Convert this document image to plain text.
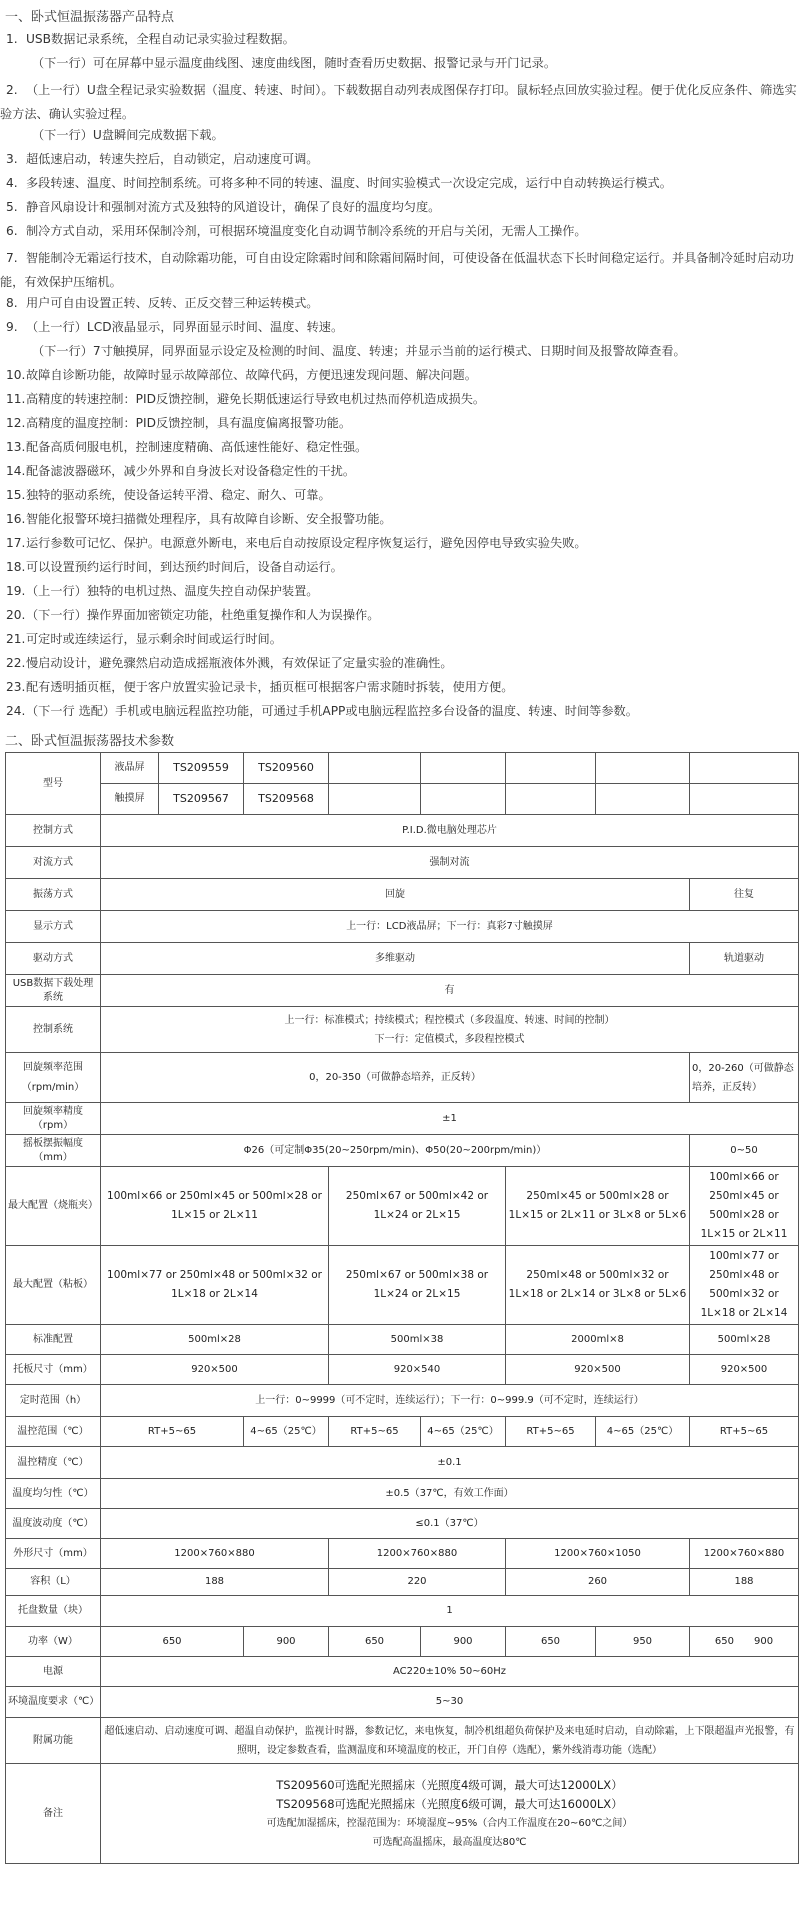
一、卧式恒温振荡器产品特点
1. USB数据记录系统，全程自动记录实验过程数据。
（下一行）可在屏幕中显示温度曲线图、速度曲线图，随时查看历史数据、报警记录与开门记录。
2. （上一行）U盘全程记录实验数据（温度、转速、时间）。下载数据自动列表成图保存打印。鼠标轻点回放实验过程。便于优化反应条件、筛选实验方法、确认实验过程。
（下一行）U盘瞬间完成数据下载。
3. 超低速启动，转速失控后，自动锁定，启动速度可调。
4. 多段转速、温度、时间控制系统。可将多种不同的转速、温度、时间实验模式一次设定完成，运行中自动转换运行模式。
5. 静音风扇设计和强制对流方式及独特的风道设计，确保了良好的温度均匀度。
6. 制冷方式自动，采用环保制冷剂，可根据环境温度变化自动调节制冷系统的开启与关闭，无需人工操作。
7. 智能制冷无霜运行技术，自动除霜功能，可自由设定除霜时间和除霜间隔时间，可使设备在低温状态下长时间稳定运行。并具备制冷延时启动功能，有效保护压缩机。
8. 用户可自由设置正转、反转、正反交替三种运转模式。
9. （上一行）LCD液晶显示，同界面显示时间、温度、转速。
（下一行）7寸触摸屏，同界面显示设定及检测的时间、温度、转速；并显示当前的运行模式、日期时间及报警故障查看。
10.故障自诊断功能，故障时显示故障部位、故障代码，方便迅速发现问题、解决问题。
11.高精度的转速控制：PID反馈控制，避免长期低速运行导致电机过热而停机造成损失。
12.高精度的温度控制：PID反馈控制，具有温度偏离报警功能。
13.配备高质伺服电机，控制速度精确、高低速性能好、稳定性强。
14.配备滤波器磁环，减少外界和自身波长对设备稳定性的干扰。
15.独特的驱动系统，使设备运转平滑、稳定、耐久、可靠。
16.智能化报警环境扫描微处理程序，具有故障自诊断、安全报警功能。
17.运行参数可记忆、保护。电源意外断电，来电后自动按原设定程序恢复运行，避免因停电导致实验失败。
18.可以设置预约运行时间，到达预约时间后，设备自动运行。
19.（上一行）独特的电机过热、温度失控自动保护装置。
20.（下一行）操作界面加密锁定功能，杜绝重复操作和人为误操作。
21.可定时或连续运行，显示剩余时间或运行时间。
22.慢启动设计，避免骤然启动造成摇瓶液体外溅，有效保证了定量实验的准确性。
23.配有透明插页框，便于客户放置实验记录卡，插页框可根据客户需求随时拆装，使用方便。
24.（下一行 选配）手机或电脑远程监控功能，可通过手机APP或电脑远程监控多台设备的温度、转速、时间等参数。
二、卧式恒温振荡器技术参数
型号	液晶屏	TS209559	TS209560					
	触摸屏	TS209567	TS209568					
控制方式	P.I.D.微电脑处理芯片							
对流方式	强制对流							
振荡方式	回旋							往复
显示方式	上一行：LCD液晶屏；下一行：真彩7寸触摸屏							
驱动方式	多维驱动							轨道驱动
USB数据下载处理系统	有							
控制系统	上一行：标准模式；持续模式；程控模式（多段温度、转速、时间的控制）
下一行：定值模式，多段程控模式							

回旋频率范围
（rpm/min）	0，20-350（可做静态培养，正反转）							0，20-260（可做静态培养，正反转）
回旋频率精度（rpm）	±1							
摇板摆振幅度（mm）	Φ26（可定制Φ35(20~250rpm/min)、Φ50(20~200rpm/min)）							0~50
最大配置（烧瓶夹）	100ml×66 or 250ml×45 or 500ml×28 or 1L×15 or 2L×11			250ml×67 or 500ml×42 or 1L×24 or 2L×15		250ml×45 or 500ml×28 or 1L×15 or 2L×11 or 3L×8 or 5L×6		100ml×66 or 250ml×45 or 500ml×28 or 1L×15 or 2L×11
最大配置（粘板）	100ml×77 or 250ml×48 or 500ml×32 or 1L×18 or 2L×14			250ml×67 or 500ml×38 or 1L×24 or 2L×15		250ml×48 or 500ml×32 or 1L×18 or 2L×14 or 3L×8 or 5L×6		100ml×77 or 250ml×48 or 500ml×32 or 1L×18 or 2L×14
标准配置	500ml×28			500ml×38		2000ml×8		500ml×28
托板尺寸（mm）	920×500			920×540		920×500		920×500
定时范围（h）	上一行：0~9999（可不定时，连续运行）；下一行：0~999.9（可不定时，连续运行）							
温控范围（℃）	RT+5~65		4~65（25℃）	RT+5~65	4~65（25℃）	RT+5~65	4~65（25℃）	RT+5~65
温控精度（℃）	±0.1							
温度均匀性（℃）	±0.5（37℃，有效工作面）							
温度波动度（℃）	≤0.1（37℃）							
外形尺寸（mm）	1200×760×880			1200×760×880		1200×760×1050		1200×760×880
容积（L）	188			220		260		188
托盘数量（块）	1							
功率（W）	650		900	650	900	650	950	650   900
电源	AC220±10% 50~60Hz							
环境温度要求（℃）	5~30							
附属功能	超低速启动、启动速度可调、超温自动保护，监视计时器，参数记忆，来电恢复，制冷机组超负荷保护及来电延时启动，自动除霜，上下限超温声光报警，有照明，设定参数查看，监测温度和环境温度的校正，开门自停（选配），紫外线消毒功能（选配）							
备注	TS209560可选配光照摇床（光照度4级可调，最大可达12000LX）
TS209568可选配光照摇床（光照度6级可调，最大可达16000LX）
可选配加湿摇床，控湿范围为：环境湿度~95%（合内工作温度在20~60℃之间）
可选配高温摇床，最高温度达80℃							
